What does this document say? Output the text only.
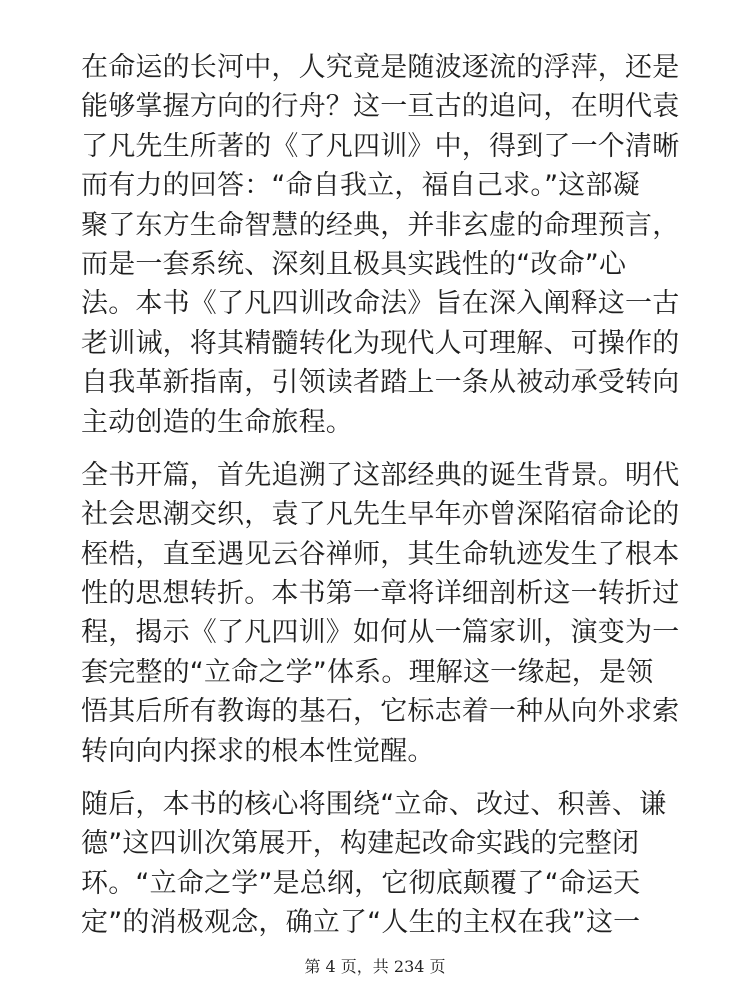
在命运的长河中，人究竟是随波逐流的浮萍，还是
能够掌握方向的行舟？这一亘古的追问，在明代袁
了凡先生所著的《了凡四训》中，得到了一个清晰
而有力的回答：“命自我立，福自己求。”这部凝
聚了东方生命智慧的经典，并非玄虚的命理预言，
而是一套系统、深刻且极具实践性的“改命”心
法。本书《了凡四训改命法》旨在深入阐释这一古
老训诫，将其精髓转化为现代人可理解、可操作的
自我革新指南，引领读者踏上一条从被动承受转向
主动创造的生命旅程。
全书开篇，首先追溯了这部经典的诞生背景。明代
社会思潮交织，袁了凡先生早年亦曾深陷宿命论的
桎梏，直至遇见云谷禅师，其生命轨迹发生了根本
性的思想转折。本书第一章将详细剖析这一转折过
程，揭示《了凡四训》如何从一篇家训，演变为一
套完整的“立命之学”体系。理解这一缘起，是领
悟其后所有教诲的基石，它标志着一种从向外求索
转向向内探求的根本性觉醒。
随后，本书的核心将围绕“立命、改过、积善、谦
德”这四训次第展开，构建起改命实践的完整闭
环。“立命之学”是总纲，它彻底颠覆了“命运天
定”的消极观念，确立了“人生的主权在我”这一
第 4 页，共 234 页
